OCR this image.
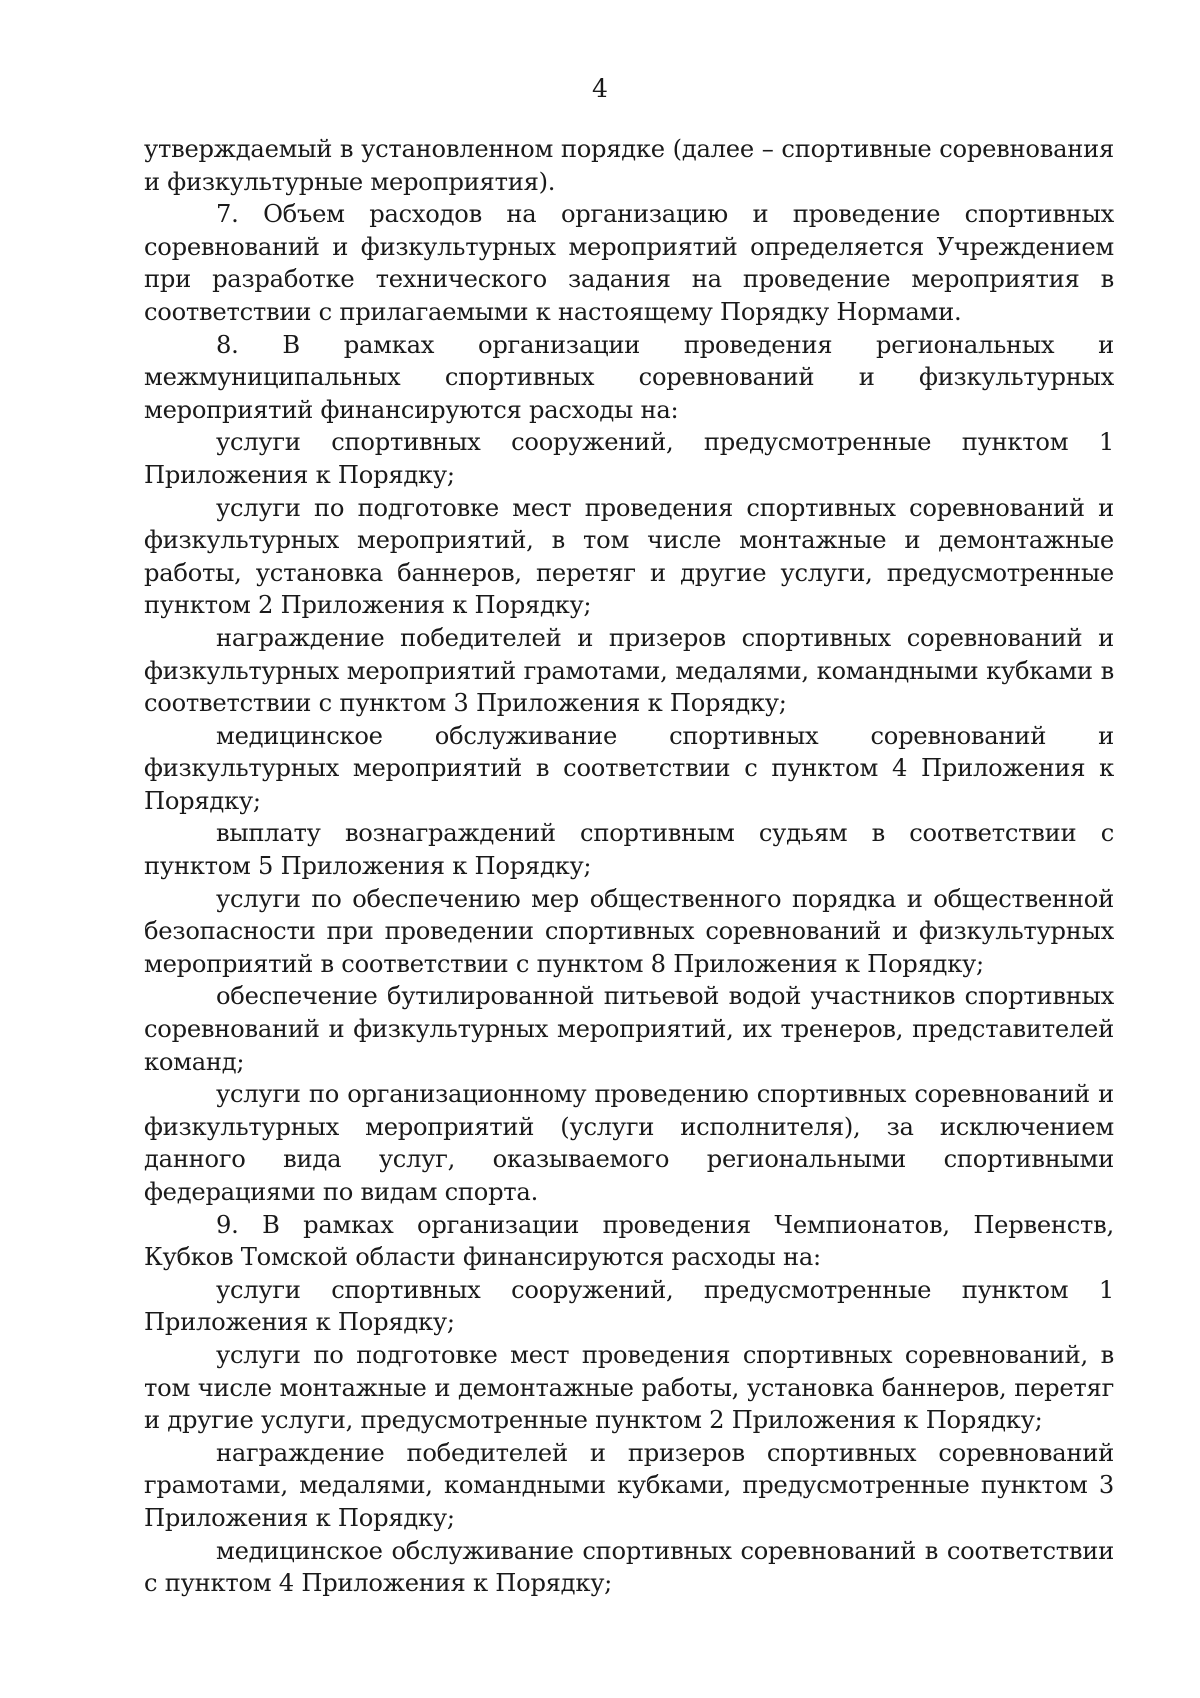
4

утверждаемый в установленном порядке (далее – спортивные соревнования и физкультурные мероприятия).

7. Объем расходов на организацию и проведение спортивных соревнований и физкультурных мероприятий определяется Учреждением при разработке технического задания на проведение мероприятия в соответствии с прилагаемыми к настоящему Порядку Нормами.

8. В рамках организации проведения региональных и межмуниципальных спортивных соревнований и физкультурных мероприятий финансируются расходы на:

услуги спортивных сооружений, предусмотренные пунктом 1 Приложения к Порядку;

услуги по подготовке мест проведения спортивных соревнований и физкультурных мероприятий, в том числе монтажные и демонтажные работы, установка баннеров, перетяг и другие услуги, предусмотренные пунктом 2 Приложения к Порядку;

награждение победителей и призеров спортивных соревнований и физкультурных мероприятий грамотами, медалями, командными кубками в соответствии с пунктом 3 Приложения к Порядку;

медицинское обслуживание спортивных соревнований и физкультурных мероприятий в соответствии с пунктом 4 Приложения к Порядку;

выплату вознаграждений спортивным судьям в соответствии с пунктом 5 Приложения к Порядку;

услуги по обеспечению мер общественного порядка и общественной безопасности при проведении спортивных соревнований и физкультурных мероприятий в соответствии с пунктом 8 Приложения к Порядку;

обеспечение бутилированной питьевой водой участников спортивных соревнований и физкультурных мероприятий, их тренеров, представителей команд;

услуги по организационному проведению спортивных соревнований и физкультурных мероприятий (услуги исполнителя), за исключением данного вида услуг, оказываемого региональными спортивными федерациями по видам спорта.

9. В рамках организации проведения Чемпионатов, Первенств, Кубков Томской области финансируются расходы на:

услуги спортивных сооружений, предусмотренные пунктом 1 Приложения к Порядку;

услуги по подготовке мест проведения спортивных соревнований, в том числе монтажные и демонтажные работы, установка баннеров, перетяг и другие услуги, предусмотренные пунктом 2 Приложения к Порядку;

награждение победителей и призеров спортивных соревнований грамотами, медалями, командными кубками, предусмотренные пунктом 3 Приложения к Порядку;

медицинское обслуживание спортивных соревнований в соответствии с пунктом 4 Приложения к Порядку;
